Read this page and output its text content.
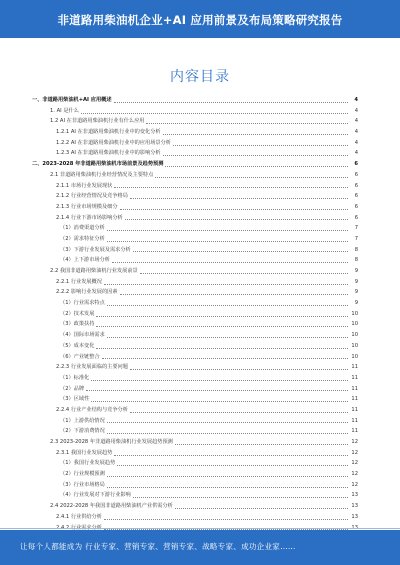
非道路用柴油机企业+AI 应用前景及布局策略研究报告
内容目录
一、非道路用柴油机+AI 应用概述	4
1. AI 是什么	4
1.2 AI 在非道路用柴油机行业有什么应用	4
1.2.1 AI 在非道路用柴油机行业中的变化分析	4
1.2.2 AI 在非道路用柴油机行业中的应用场景分析	4
1.2.3 AI 在非道路用柴油机行业中的影响分析	4
二、2023-2028 年非道路用柴油机市场前景及趋势预测	6
2.1 非道路用柴油机行业经营情况及主要特点	6
2.1.1 市场行业发展现状	6
2.1.2 行业经营情况及竞争格局	6
2.1.3 行业市场规模及细分	6
2.1.4 行业下游市场影响分析	6
（1）消费渠道分析	7
（2）需求特征分析	7
（3）下游行业发展及需求分析	8
（4）上下游市场分析	8
2.2 我国非道路用柴油机行业发展前景	9
2.2.1 行业发展概况	9
2.2.2 影响行业发展的因素	9
（1）行业需求特点	9
（2）技术发展	10
（3）政策扶持	10
（4）国际市场需求	10
（5）成本变化	10
（6）产业链整合	10
2.2.3 行业发展面临的主要问题	11
（1）标准化	11
（2）品牌	11
（3）区域性	11
2.2.4 行业产业结构与竞争分析	11
（1）上游供给情况	11
（2）下游消费情况	11
2.3 2023-2028 年非道路用柴油机行业发展趋势预测	12
2.3.1 我国行业发展趋势	12
（1）我国行业发展趋势	12
（2）行业规模预测	12
（3）行业市场格局	12
（4）行业发展对下游行业影响	13
2.4 2022-2028 年我国非道路用柴油机产业供需分析	13
2.4.1 行业供给分析	13
让每个人都能成为 行业专家、营销专家、营销专家、战略专家、成功企业家……
